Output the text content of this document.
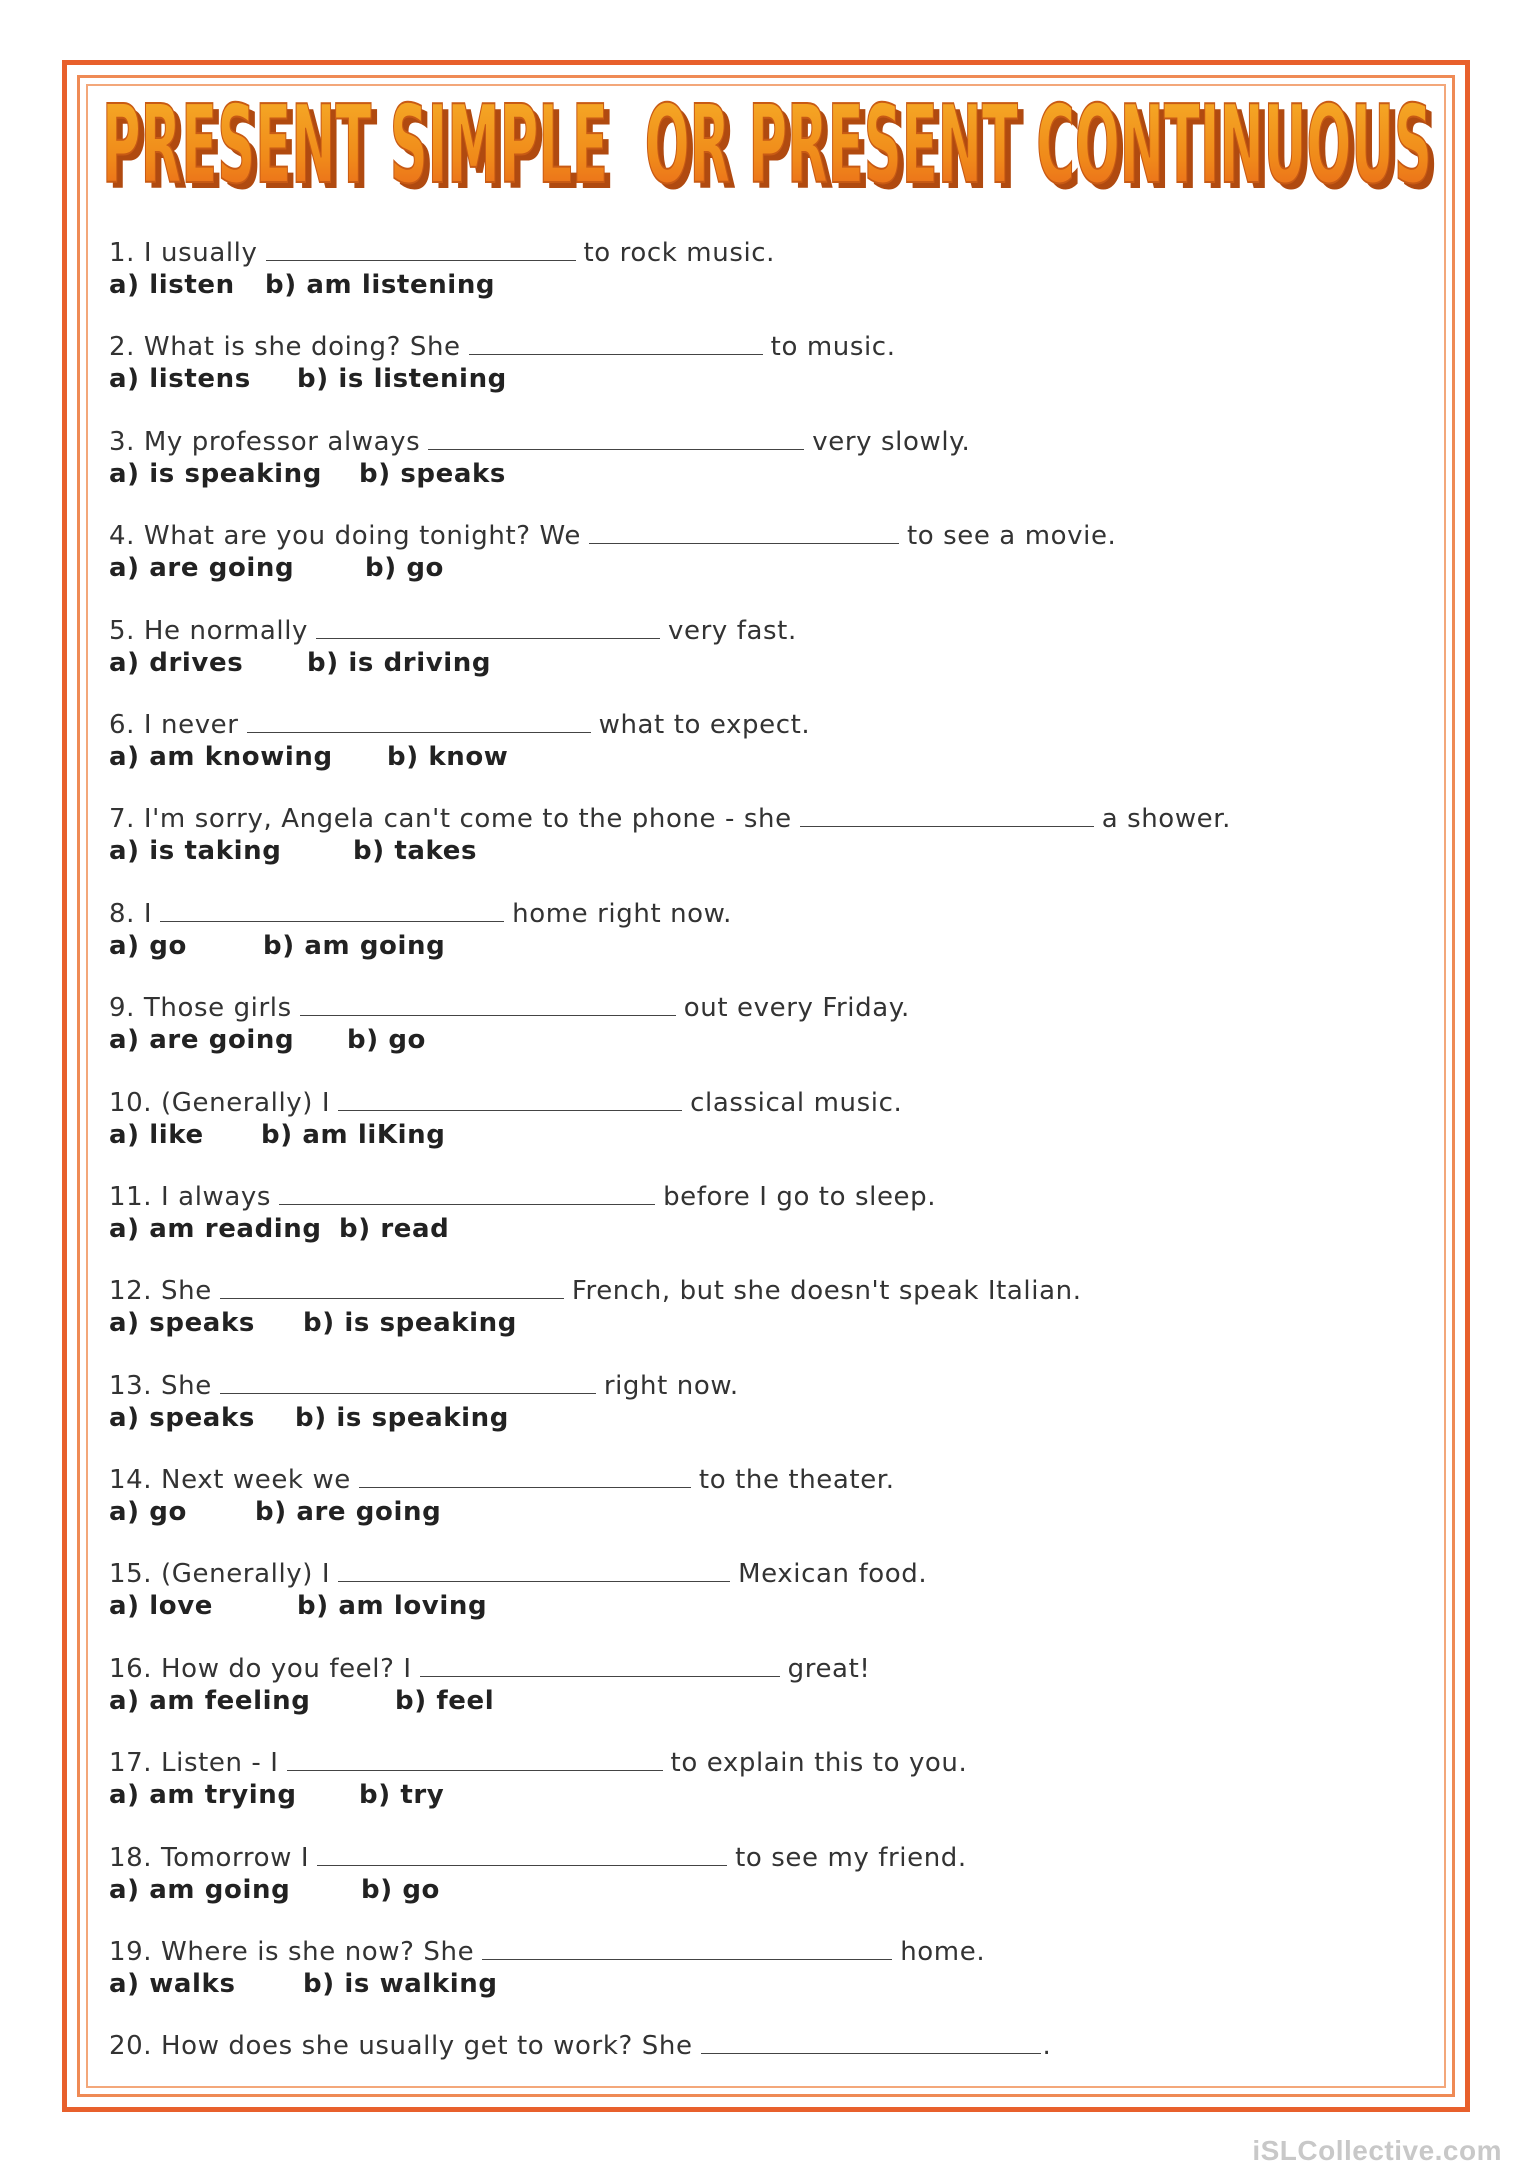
PRESENT SIMPLE  OR PRESENT CONTINUOUS
PRESENT SIMPLE  OR PRESENT CONTINUOUS
1. I usually	to rock music.
a) listen b) am listening
2. What is she doing? She	to music.
a) listens b) is listening
3. My professor always	very slowly.
a) is speaking b) speaks
4. What are you doing tonight? We	to see a movie.
a) are going	b) go
5. He normally	very fast.
a) drives b) is driving
6. I never	what to expect.
a) am knowing b) know
7. I'm sorry, Angela can't come to the phone - she	a shower.
a) is taking	b) takes
8. I	home right now.
a) go	b) am going
9. Those girls	out every Friday.
a) are going b) go
10. (Generally) I	classical music.
a) like b) am liKing
11. I always	before I go to sleep.
a) am reading b) read
12. She	French, but she doesn't speak Italian.
a) speaks b) is speaking
13. She	right now.
a) speaks b) is speaking
14. Next week we	to the theater.
a) go	b) are going
15. (Generally) I	Mexican food.
a) love	b) am loving
16. How do you feel? I	great!
a) am feeling	b) feel
17. Listen - I	to explain this to you.
a) am trying b) try
18. Tomorrow I	to see my friend.
a) am going	b) go
19. Where is she now? She	home.
a) walks	b) is walking
20. How does she usually get to work? She	.
iSLCollective.com
